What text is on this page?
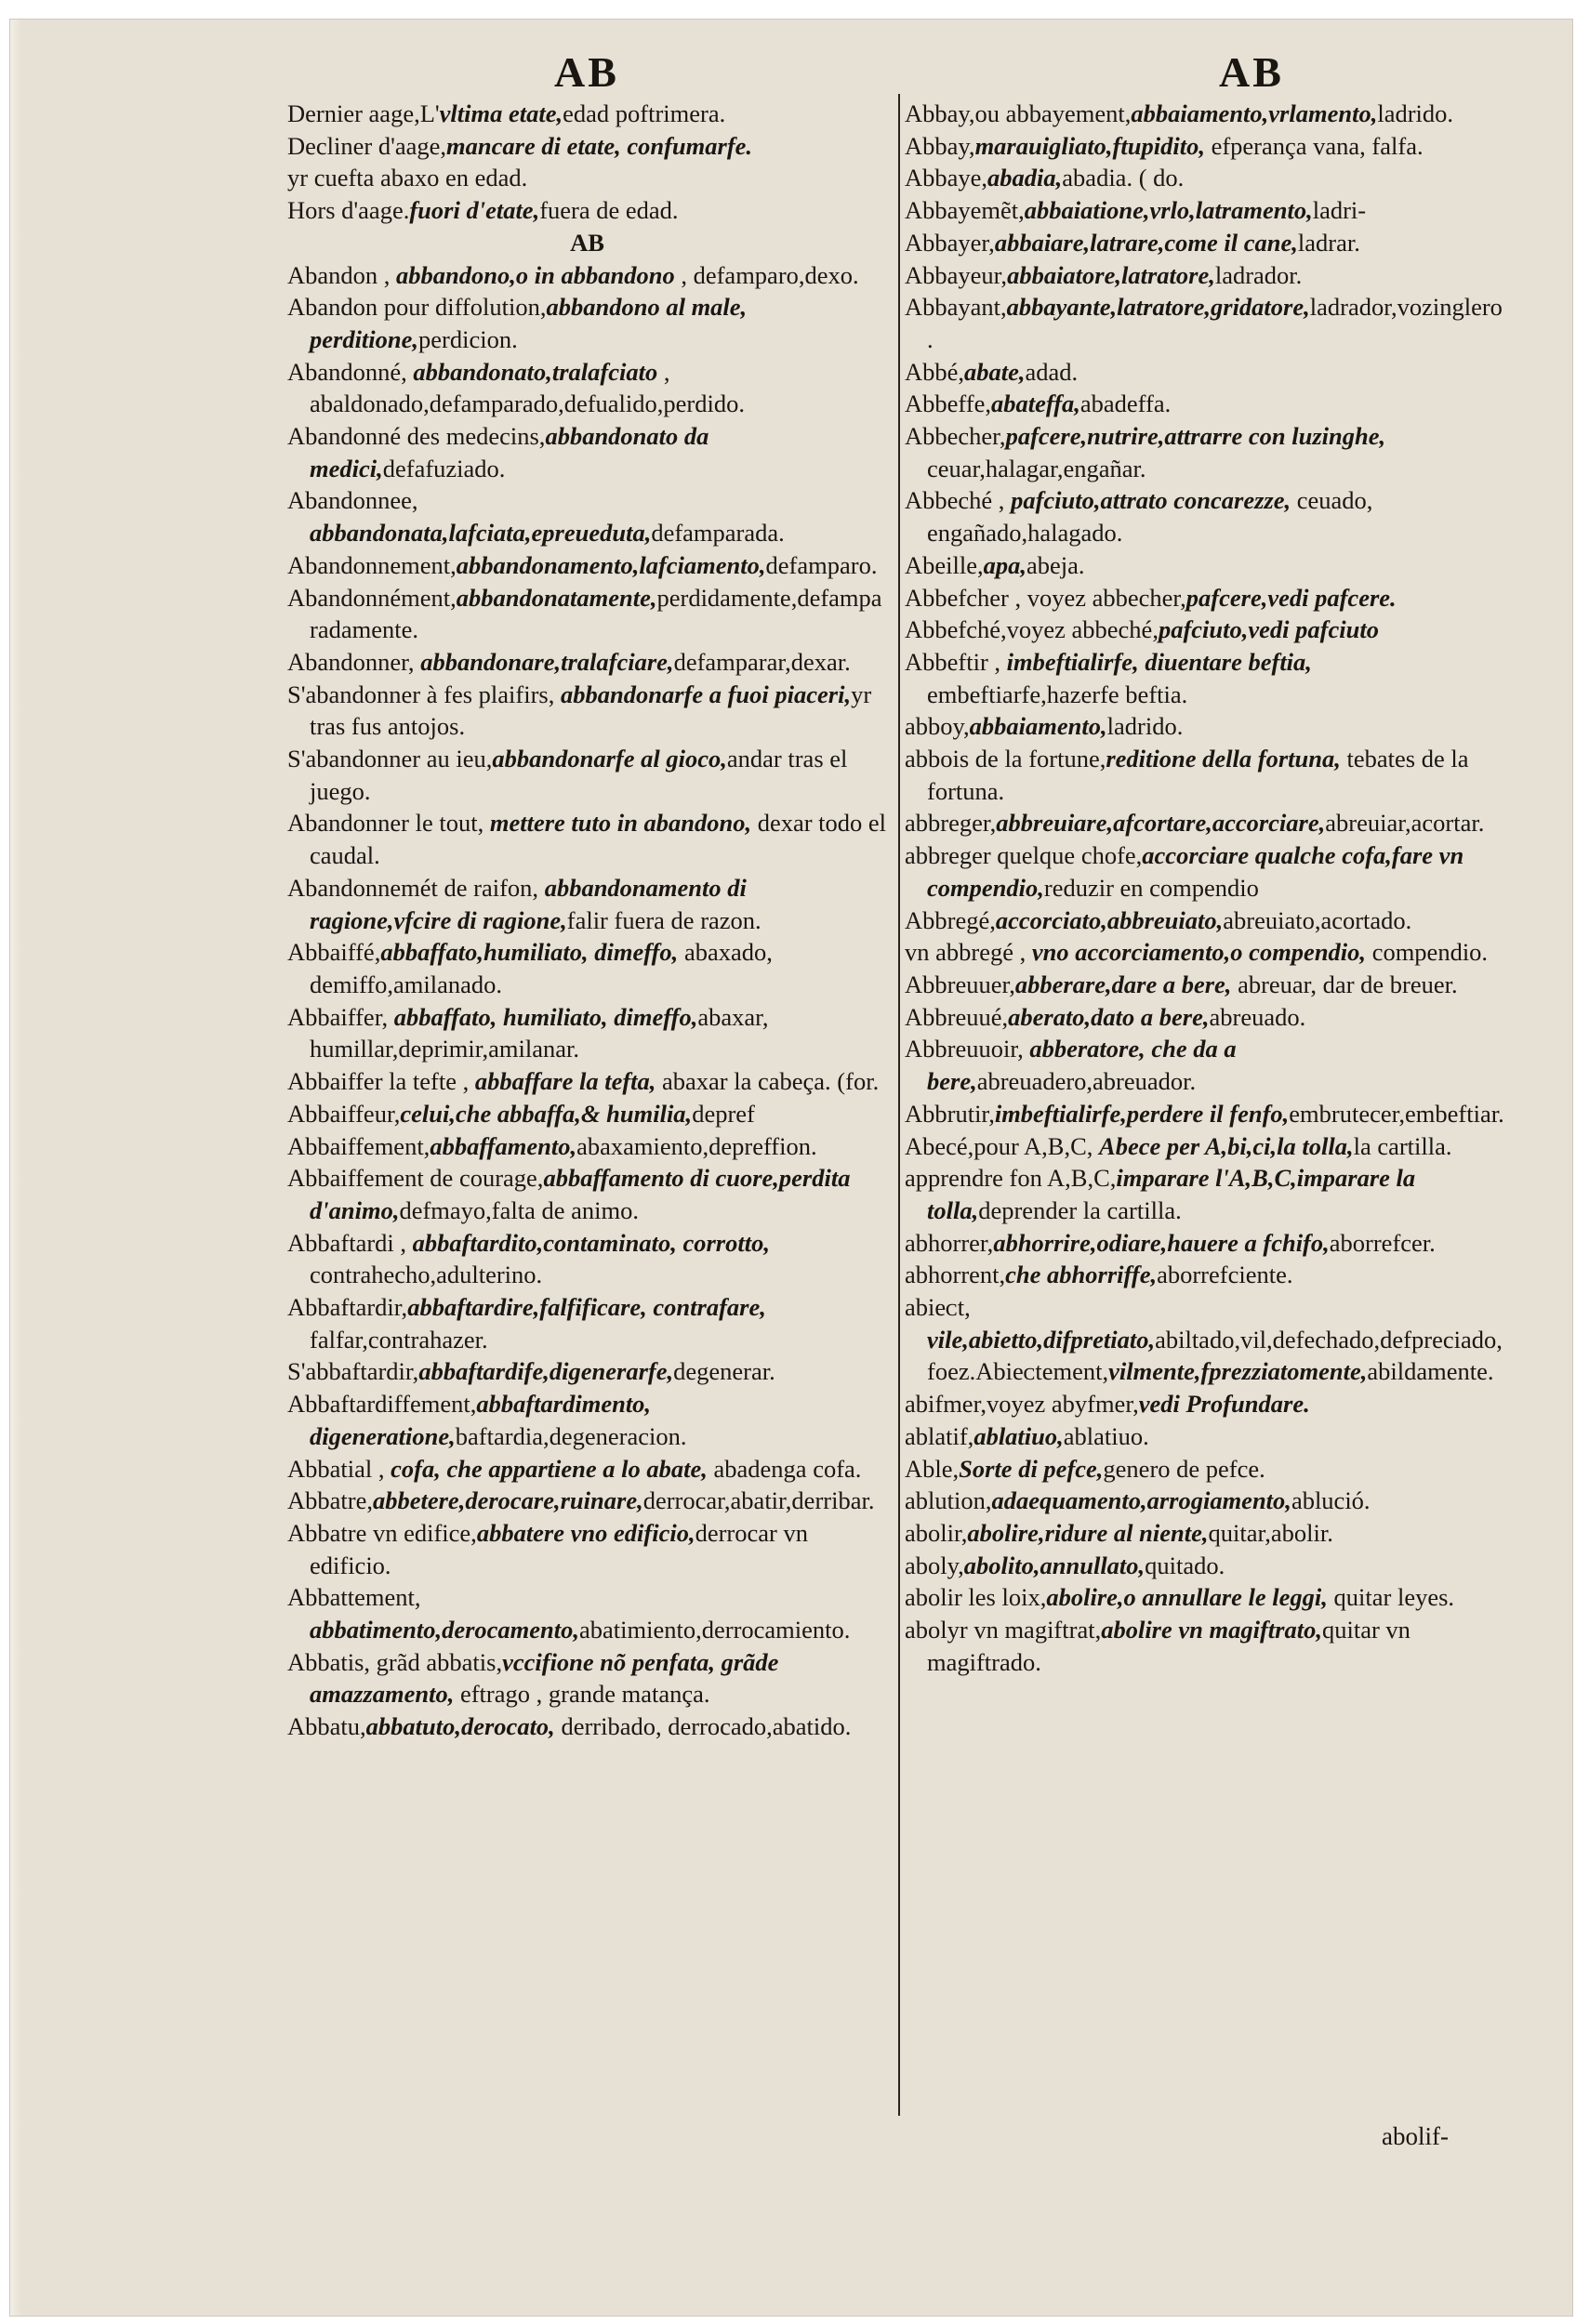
AB	AB
Dernier aage,L'vltima etate,edad poftrimera.
Decliner d'aage,mancare di etate, confumarfe.
yr cuefta abaxo en edad.
Hors d'aage.fuori d'etate,fuera de edad.
AB
Abandon , abbandono,o in abbandono , defamparo,dexo.
Abandon pour diffolution,abbandono al male, perditione,perdicion.
Abandonné, abbandonato,tralafciato , abaldonado,defamparado,defualido,perdido.
Abandonné des medecins,abbandonato da medici,defafuziado.
Abandonnee, abbandonata,lafciata,epreueduta,defamparada.
Abandonnement,abbandonamento,lafciamento,defamparo.
Abandonnément,abbandonatamente,perdidamente,defamparadamente.
Abandonner, abbandonare,tralafciare,defamparar,dexar.
S'abandonner à fes plaifirs, abbandonarfe a fuoi piaceri,yr tras fus antojos.
S'abandonner au ieu,abbandonarfe al gioco,andar tras el juego.
Abandonner le tout, mettere tuto in abandono, dexar todo el caudal.
Abandonnemét de raifon, abbandonamento di ragione,vfcire di ragione,falir fuera de razon.
Abbaiffé,abbaffato,humiliato, dimeffo, abaxado, demiffo,amilanado.
Abbaiffer, abbaffato, humiliato, dimeffo,abaxar, humillar,deprimir,amilanar.
Abbaiffer la tefte , abbaffare la tefta, abaxar la cabeça. (for.
Abbaiffeur,celui,che abbaffa,& humilia,depref
Abbaiffement,abbaffamento,abaxamiento,depreffion.
Abbaiffement de courage,abbaffamento di cuore,perdita d'animo,defmayo,falta de animo.
Abbaftardi , abbaftardito,contaminato, corrotto, contrahecho,adulterino.
Abbaftardir,abbaftardire,falfificare, contrafare, falfar,contrahazer.
S'abbaftardir,abbaftardife,digenerarfe,degenerar.
Abbaftardiffement,abbaftardimento, digeneratione,baftardia,degeneracion.
Abbatial , cofa, che appartiene a lo abate, abadenga cofa.
Abbatre,abbetere,derocare,ruinare,derrocar,abatir,derribar.
Abbatre vn edifice,abbatere vno edificio,derrocar vn edificio.
Abbattement, abbatimento,derocamento,abatimiento,derrocamiento.
Abbatis, grãd abbatis,vccifione nõ penfata, grãde amazzamento, eftrago , grande matança.
Abbatu,abbatuto,derocato, derribado, derrocado,abatido.
Abbay,ou abbayement,abbaiamento,vrlamento,ladrido.
Abbay,marauigliato,ftupidito, efperança vana, falfa.
Abbaye,abadia,abadia. ( do.
Abbayemẽt,abbaiatione,vrlo,latramento,ladri-
Abbayer,abbaiare,latrare,come il cane,ladrar.
Abbayeur,abbaiatore,latratore,ladrador.
Abbayant,abbayante,latratore,gridatore,ladrador,vozinglero.
Abbé,abate,adad.
Abbeffe,abateffa,abadeffa.
Abbecher,pafcere,nutrire,attrarre con luzinghe, ceuar,halagar,engañar.
Abbeché , pafciuto,attrato concarezze, ceuado, engañado,halagado.
Abeille,apa,abeja.
Abbefcher , voyez abbecher,pafcere,vedi pafcere.
Abbefché,voyez abbeché,pafciuto,vedi pafciuto
Abbeftir , imbeftialirfe, diuentare beftia, embeftiarfe,hazerfe beftia.
abboy,abbaiamento,ladrido.
abbois de la fortune,reditione della fortuna, tebates de la fortuna.
abbreger,abbreuiare,afcortare,accorciare,abreuiar,acortar.
abbreger quelque chofe,accorciare qualche cofa,fare vn compendio,reduzir en compendio
Abbregé,accorciato,abbreuiato,abreuiato,acortado.
vn abbregé , vno accorciamento,o compendio, compendio.
Abbreuuer,abberare,dare a bere, abreuar, dar de breuer.
Abbreuué,aberato,dato a bere,abreuado.
Abbreuuoir, abberatore, che da a bere,abreuadero,abreuador.
Abbrutir,imbeftialirfe,perdere il fenfo,embrutecer,embeftiar.
Abecé,pour A,B,C, Abece per A,bi,ci,la tolla,la cartilla.
apprendre fon A,B,C,imparare l'A,B,C,imparare la tolla,deprender la cartilla.
abhorrer,abhorrire,odiare,hauere a fchifo,aborrefcer.
abhorrent,che abhorriffe,aborrefciente.
abieᴄt, vile,abietto,difpretiato,abiltado,vil,defechado,defpreciado,foez.Abieᴄtement,vilmente,fprezziatomente,abildamente.
abifmer,voyez abyfmer,vedi Profundare.
ablatif,ablatiuo,ablatiuo.
Able,Sorte di pefce,genero de pefce.
ablution,adaequamento,arrogiamento,ablució.
abolir,abolire,ridure al niente,quitar,abolir.
aboly,abolito,annullato,quitado.
abolir les loix,abolire,o annullare le leggi, quitar leyes.
abolyr vn magiftrat,abolire vn magiftrato,quitar vn magiftrado.
abolif-
